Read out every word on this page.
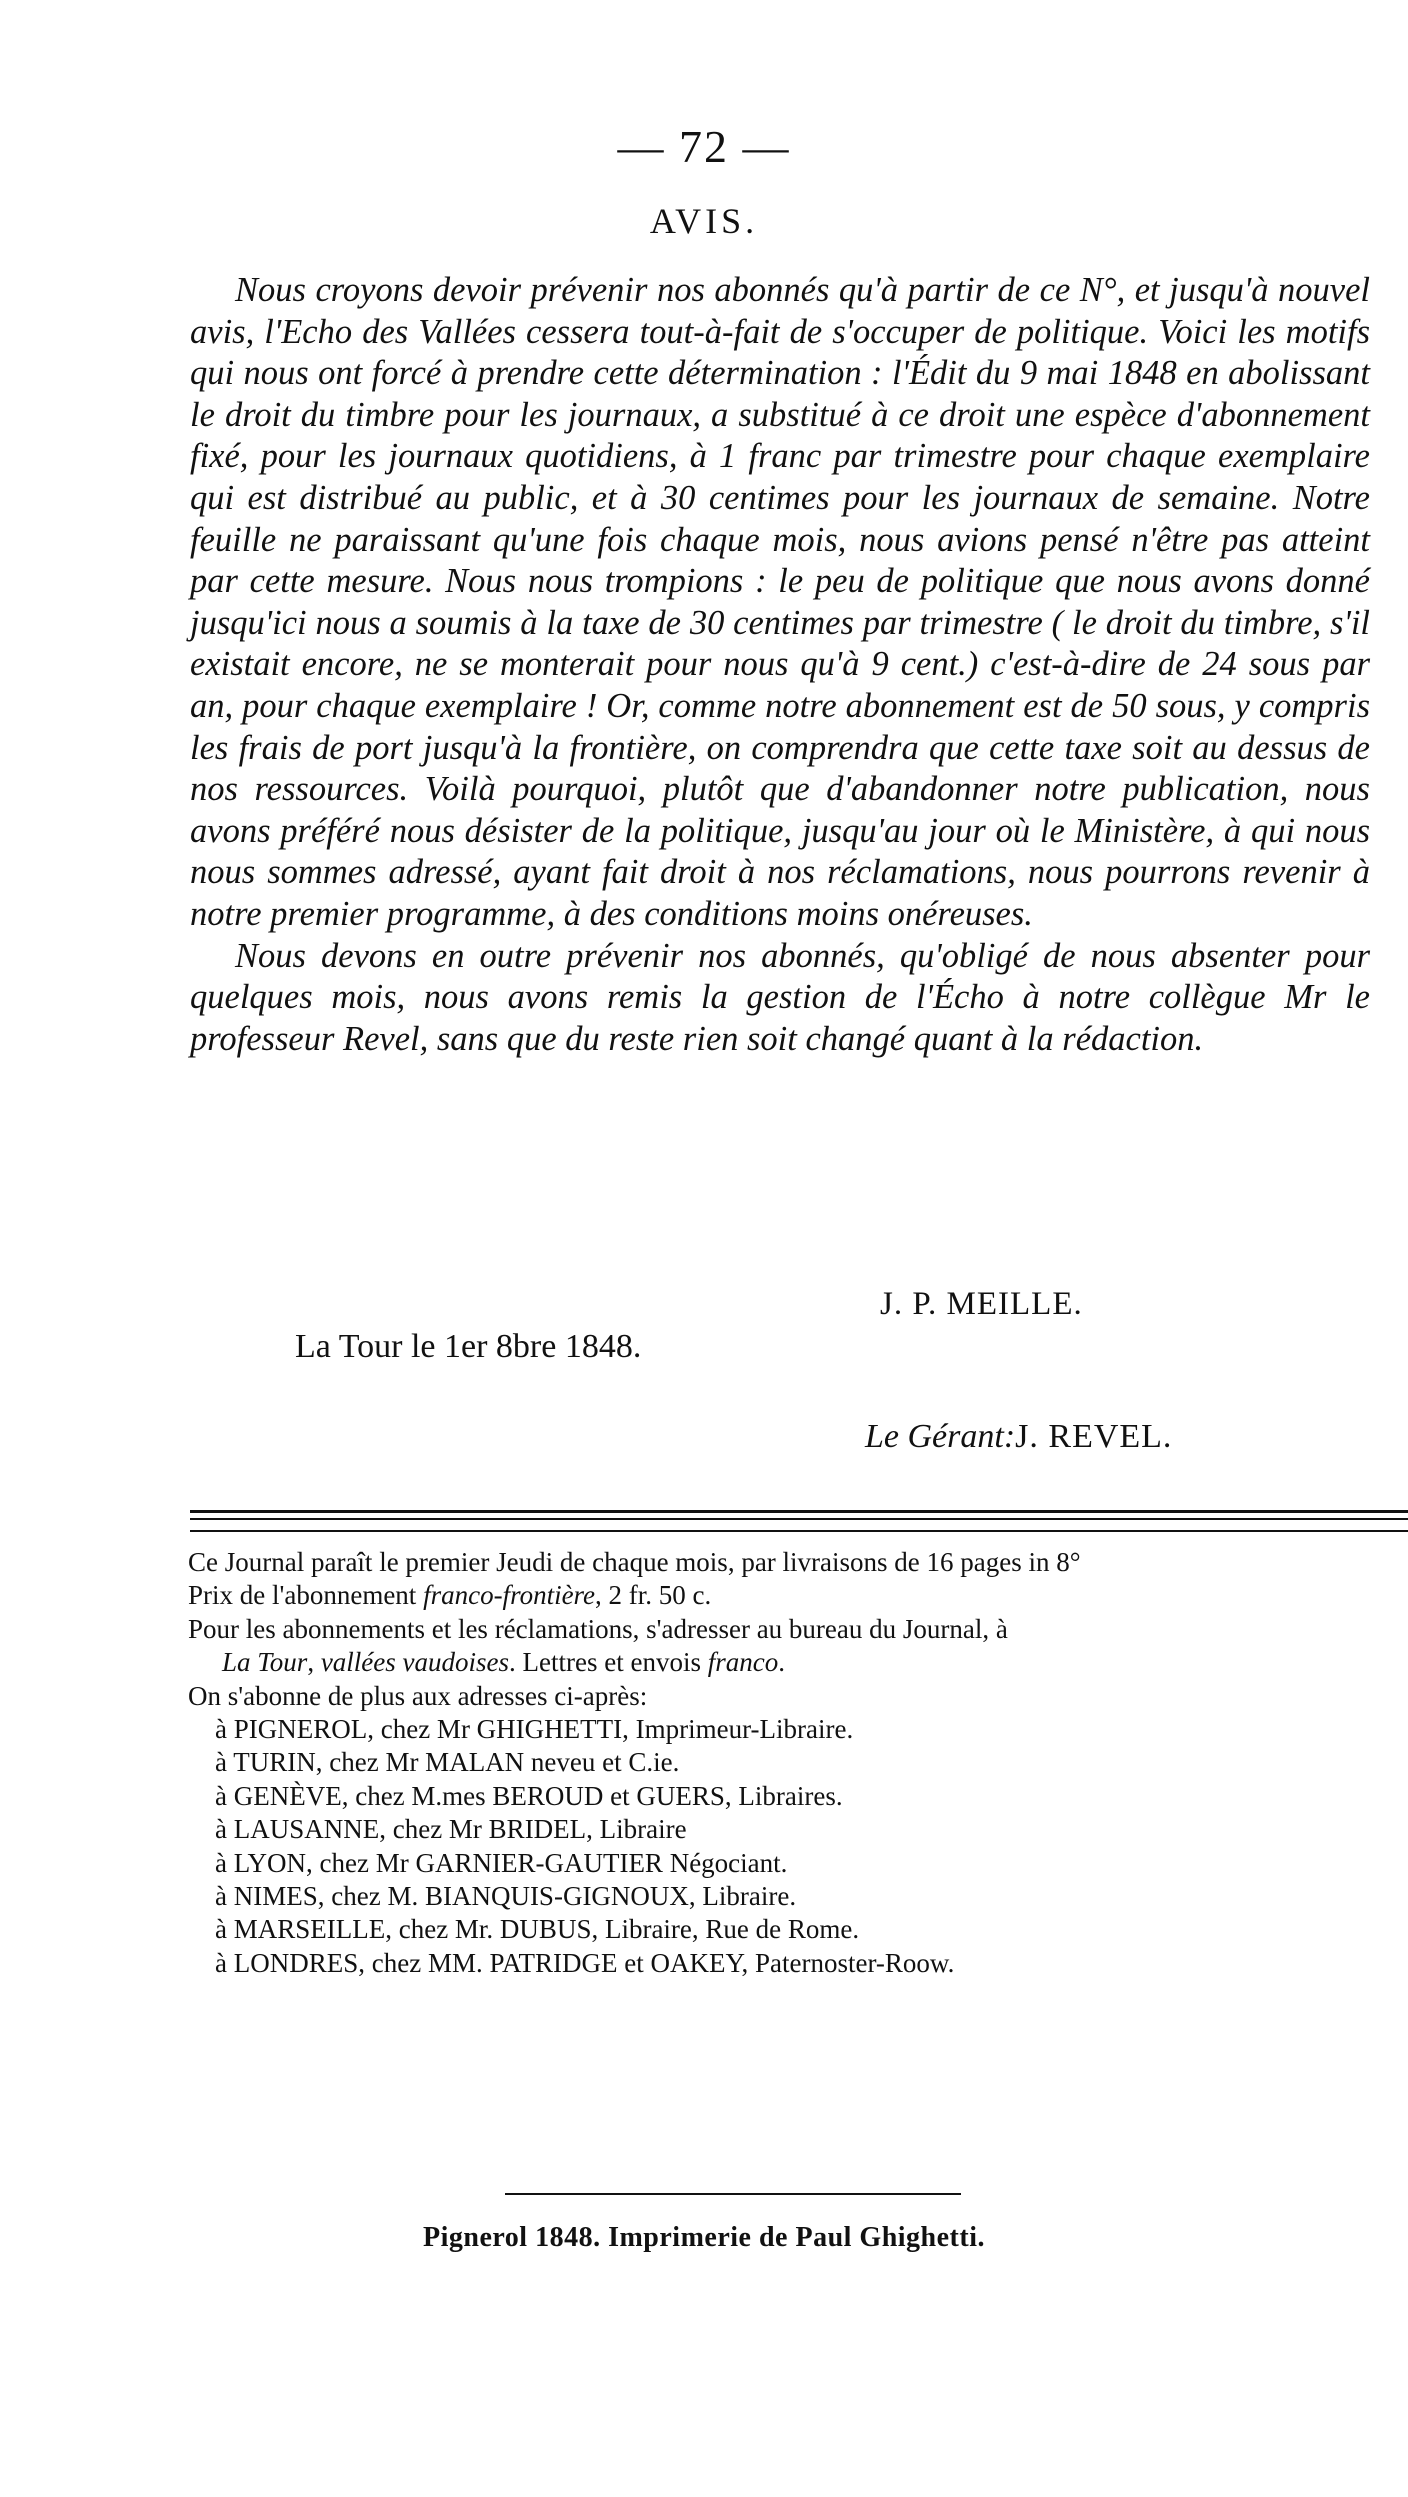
— 72 —
AVIS.

Nous croyons devoir prévenir nos abonnés qu'à partir de ce N°, et jusqu'à nouvel avis, l'Echo des Vallées cessera tout-à-fait de s'occuper de politique. Voici les motifs qui nous ont forcé à prendre cette détermination : l'Édit du 9 mai 1848 en abolissant le droit du timbre pour les journaux, a substitué à ce droit une espèce d'abonnement fixé, pour les journaux quotidiens, à 1 franc par trimestre pour chaque exemplaire qui est distribué au public, et à 30 centimes pour les journaux de semaine. Notre feuille ne paraissant qu'une fois chaque mois, nous avions pensé n'être pas atteint par cette mesure. Nous nous trompions : le peu de politique que nous avons donné jusqu'ici nous a soumis à la taxe de 30 centimes par trimestre ( le droit du timbre, s'il existait encore, ne se monterait pour nous qu'à 9 cent.) c'est-à-dire de 24 sous par an, pour chaque exemplaire ! Or, comme notre abonnement est de 50 sous, y compris les frais de port jusqu'à la frontière, on comprendra que cette taxe soit au dessus de nos ressources. Voilà pourquoi, plutôt que d'abandonner notre publication, nous avons préféré nous désister de la politique, jusqu'au jour où le Ministère, à qui nous nous sommes adressé, ayant fait droit à nos réclamations, nous pourrons revenir à notre premier programme, à des conditions moins onéreuses.

Nous devons en outre prévenir nos abonnés, qu'obligé de nous absenter pour quelques mois, nous avons remis la gestion de l'Écho à notre collègue Mr le professeur Revel, sans que du reste rien soit changé quant à la rédaction.

J. P. MEILLE.
La Tour le 1er 8bre 1848.
Le Gérant:J. REVEL.
Ce Journal paraît le premier Jeudi de chaque mois, par livraisons de 16 pages in 8°
Prix de l'abonnement franco-frontière, 2 fr. 50 c.
Pour les abonnements et les réclamations, s'adresser au bureau du Journal, à
La Tour, vallées vaudoises. Lettres et envois franco.
On s'abonne de plus aux adresses ci-après:
à PIGNEROL, chez Mr GHIGHETTI, Imprimeur-Libraire.
à TURIN, chez Mr MALAN neveu et C.ie.
à GENÈVE, chez M.mes BEROUD et GUERS, Libraires.
à LAUSANNE, chez Mr BRIDEL, Libraire
à LYON, chez Mr GARNIER-GAUTIER Négociant.
à NIMES, chez M. BIANQUIS-GIGNOUX, Libraire.
à MARSEILLE, chez Mr. DUBUS, Libraire, Rue de Rome.
à LONDRES, chez MM. PATRIDGE et OAKEY, Paternoster-Roow.
Pignerol 1848. Imprimerie de Paul Ghighetti.
